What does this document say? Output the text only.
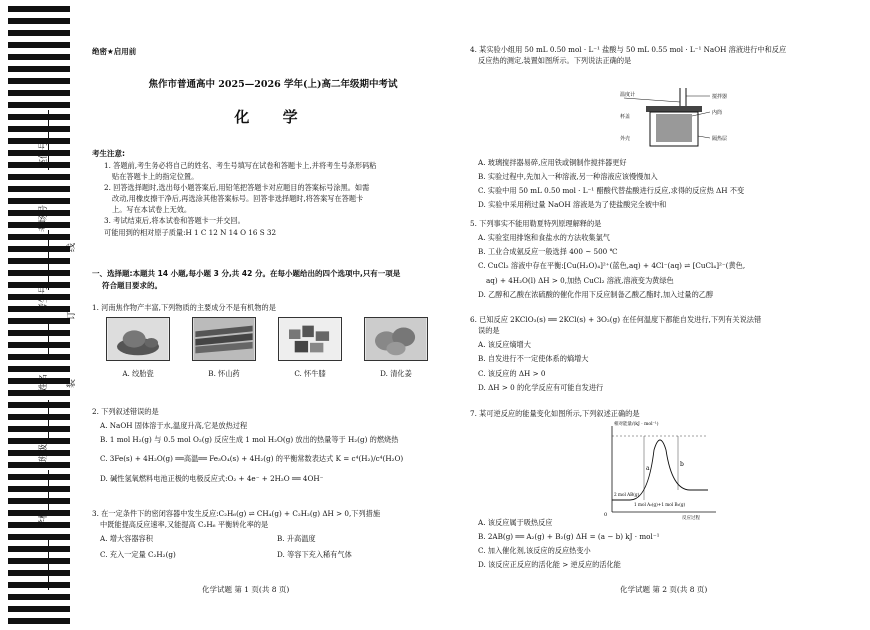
座位号
考场号
考生号
姓名
班级
学校
线
订
装
绝密★启用前
焦作市普通高中 2025—2026 学年(上)高二年级期中考试
化 学
考生注意:

1. 答题前,考生务必将自己的姓名、考生号填写在试卷和答题卡上,并将考生号条形码粘

贴在答题卡上的指定位置。

2. 回答选择题时,选出每小题答案后,用铅笔把答题卡对应题目的答案标号涂黑。如需

改动,用橡皮擦干净后,再选涂其他答案标号。回答非选择题时,将答案写在答题卡

上。写在本试卷上无效。

3. 考试结束后,将本试卷和答题卡一并交回。

可能用到的相对原子质量:H 1 C 12 N 14 O 16 S 32

一、选择题:本题共 14 小题,每小题 3 分,共 42 分。在每小题给出的四个选项中,只有一项是
符合题目要求的。

1. 河南焦作物产丰富,下列物质的主要成分不是有机物的是

A. 绞胎瓷	B. 怀山药	C. 怀牛膝	D. 清化姜

2. 下列叙述错误的是

A. NaOH 固体溶于水,温度升高,它是放热过程

B. 1 mol H₂(g) 与 0.5 mol O₂(g) 反应生成 1 mol H₂O(g) 放出的热量等于 H₂(g) 的燃烧热

C. 3Fe(s) + 4H₂O(g) ══高温══ Fe₃O₄(s) + 4H₂(g) 的平衡常数表达式 K = c⁴(H₂)/c⁴(H₂O)

D. 碱性氢氧燃料电池正极的电极反应式:O₂ + 4e⁻ + 2H₂O ══ 4OH⁻

3. 在一定条件下的密闭容器中发生反应:C₂H₆(g) ⇌ CH₄(g) + C₂H₂(g) ΔH > 0,下列措施

中既能提高反应速率,又能提高 C₂H₆ 平衡转化率的是

A. 增大容器容积	B. 升高温度
C. 充入一定量 C₂H₂(g)	D. 等容下充入稀有气体
化学试题 第 1 页(共 8 页)

4. 某实验小组用 50 mL 0.50 mol · L⁻¹ 盐酸与 50 mL 0.55 mol · L⁻¹ NaOH 溶液进行中和反应

反应热的测定,装置如图所示。下列说法正确的是

温度计	搅拌器
内筒
杯盖
隔热层
外壳

A. 玻璃搅拌器易碎,应用铁或铜制作搅拌器更好

B. 实验过程中,先加入一种溶液,另一种溶液应该慢慢加入

C. 实验中用 50 mL 0.50 mol · L⁻¹ 醋酸代替盐酸进行反应,求得的反应热 ΔH 不变

D. 实验中采用稍过量 NaOH 溶液是为了使盐酸完全被中和

5. 下列事实不能用勒夏特列原理解释的是

A. 实验室用排饱和食盐水的方法收集氯气

B. 工业合成氨反应一般选择 400 ~ 500 ℃

C. CuCl₂ 溶液中存在平衡:[Cu(H₂O)₄]²⁺(蓝色,aq) + 4Cl⁻(aq) ⇌ [CuCl₄]²⁻(黄色,

aq) + 4H₂O(l) ΔH > 0,加热 CuCl₂ 溶液,溶液变为黄绿色

D. 乙醇和乙酸在浓硫酸的催化作用下反应制备乙酸乙酯时,加入过量的乙醇

6. 已知反应 2KClO₃(s) ══ 2KCl(s) + 3O₂(g) 在任何温度下都能自发进行,下列有关说法错

误的是

A. 该反应熵增大

B. 自发进行不一定使体系的熵增大

C. 该反应的 ΔH > 0

D. ΔH > 0 的化学反应有可能自发进行

7. 某可逆反应的能量变化如图所示,下列叙述正确的是

相对能量/(kJ · mol⁻¹)
反应过程
0
a
b
2 mol AB(g)
1 mol A₂(g)+1 mol B₂(g)

A. 该反应属于吸热反应

B. 2AB(g) ══ A₂(g) + B₂(g) ΔH = (a − b) kJ · mol⁻¹

C. 加入催化剂,该反应的反应热变小

D. 该反应正反应的活化能 > 逆反应的活化能

化学试题 第 2 页(共 8 页)
